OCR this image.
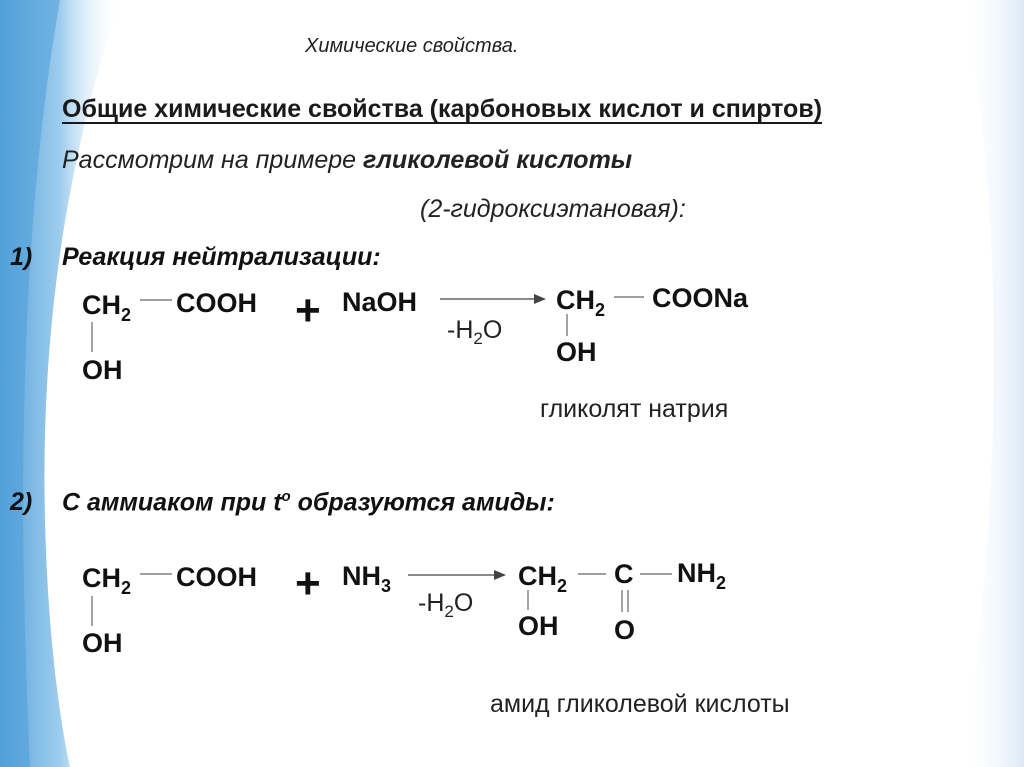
Химические свойства.
Общие химические свойства (карбоновых кислот и спиртов)
Рассмотрим на примере гликолевой кислоты
(2-гидроксиэтановая):
1) Реакция нейтрализации:
$CH_2$ COOH
OH
+ NaOH
$-H_2O$
$CH_2$ COONa
OH
гликолят натрия
2) С аммиаком при $t^о$ образуются амиды:
$CH_2$ COOH
OH
+ $NH_3$
$-H_2O$
$CH_2$ C $NH_2$
OH O
амид гликолевой кислоты
